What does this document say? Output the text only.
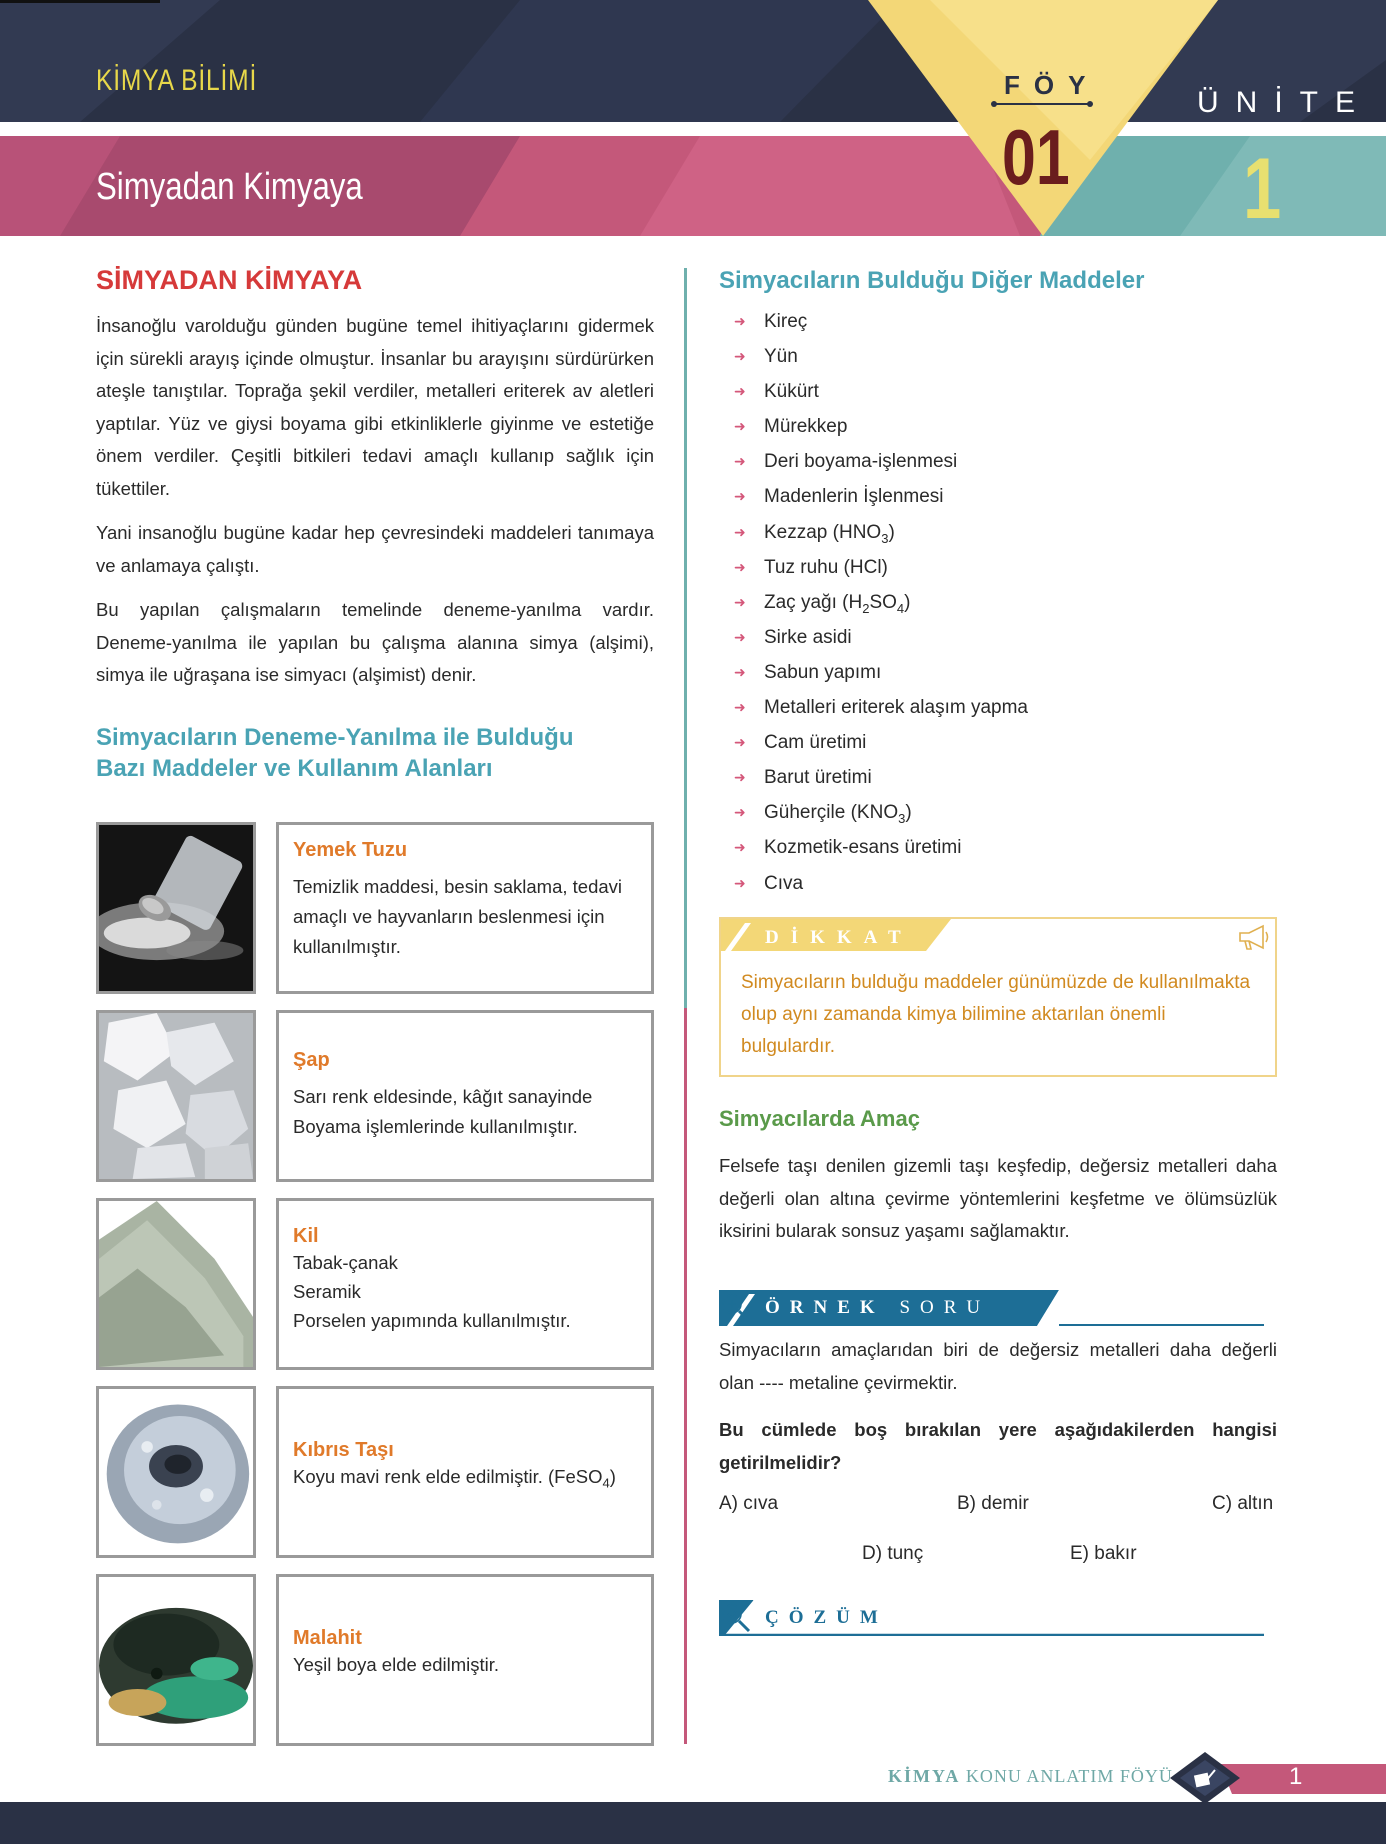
KİMYA BİLİMİ
Simyadan Kimyaya
FÖY
01
ÜNİTE
1
SİMYADAN KİMYAYA

İnsanoğlu varolduğu günden bugüne temel ihitiyaçlarını gidermek için sürekli arayış içinde olmuştur. İnsanlar bu arayışını sürdürürken ateşle tanıştılar. Toprağa şekil verdiler, metalleri eriterek av aletleri yaptılar. Yüz ve giysi boyama gibi etkinliklerle giyinme ve estetiğe önem verdiler. Çeşitli bitkileri tedavi amaçlı kullanıp sağlık için tükettiler.

Yani insanoğlu bugüne kadar hep çevresindeki maddeleri tanımaya ve anlamaya çalıştı.

Bu yapılan çalışmaların temelinde deneme-yanılma vardır. Deneme-yanılma ile yapılan bu çalışma alanına simya (alşimi), simya ile uğraşana ise simyacı (alşimist) denir.

Simyacıların Deneme-Yanılma ile Bulduğu Bazı Maddeler ve Kullanım Alanları
Yemek Tuzu
Temizlik maddesi, besin saklama, tedavi amaçlı ve hayvanların beslenmesi için kullanılmıştır.
Şap
Sarı renk eldesinde, kâğıt sanayinde Boyama işlemlerinde kullanılmıştır.
Kil
Tabak-çanak
Seramik
Porselen yapımında kullanılmıştır.
Kıbrıs Taşı
Koyu mavi renk elde edilmiştir. (FeSO$_4$)
Malahit
Yeşil boya elde edilmiştir.
Simyacıların Bulduğu Diğer Maddeler
➜ Kireç
➜ Yün
➜ Kükürt
➜ Mürekkep
➜ Deri boyama-işlenmesi
➜ Madenlerin İşlenmesi
➜ Kezzap $(HNO_3)$
➜ Tuz ruhu (HCl)
➜ Zaç yağı $(H_2SO_4)$
➜ Sirke asidi
➜ Sabun yapımı
➜ Metalleri eriterek alaşım yapma
➜ Cam üretimi
➜ Barut üretimi
➜ Güherçile $(KNO_3)$
➜ Kozmetik-esans üretimi
➜ Cıva
DİKKAT
Simyacıların bulduğu maddeler günümüzde de kullanılmakta olup aynı zamanda kimya bilimine aktarılan önemli bulgulardır.
Simyacılarda Amaç

Felsefe taşı denilen gizemli taşı keşfedip, değersiz metalleri daha değerli olan altına çevirme yöntemlerini keşfetme ve ölümsüzlük iksirini bularak sonsuz yaşamı sağlamaktır.

ÖRNEK SORU

Simyacıların amaçlarıdan biri de değersiz metalleri daha değerli olan ---- metaline çevirmektir.

Bu cümlede boş bırakılan yere aşağıdakilerden hangisi getirilmelidir?

A) cıva	B) demir	C) altın
D) tunç	E) bakır
ÇÖZÜM
KİMYA KONU ANLATIM FÖYÜ	1
